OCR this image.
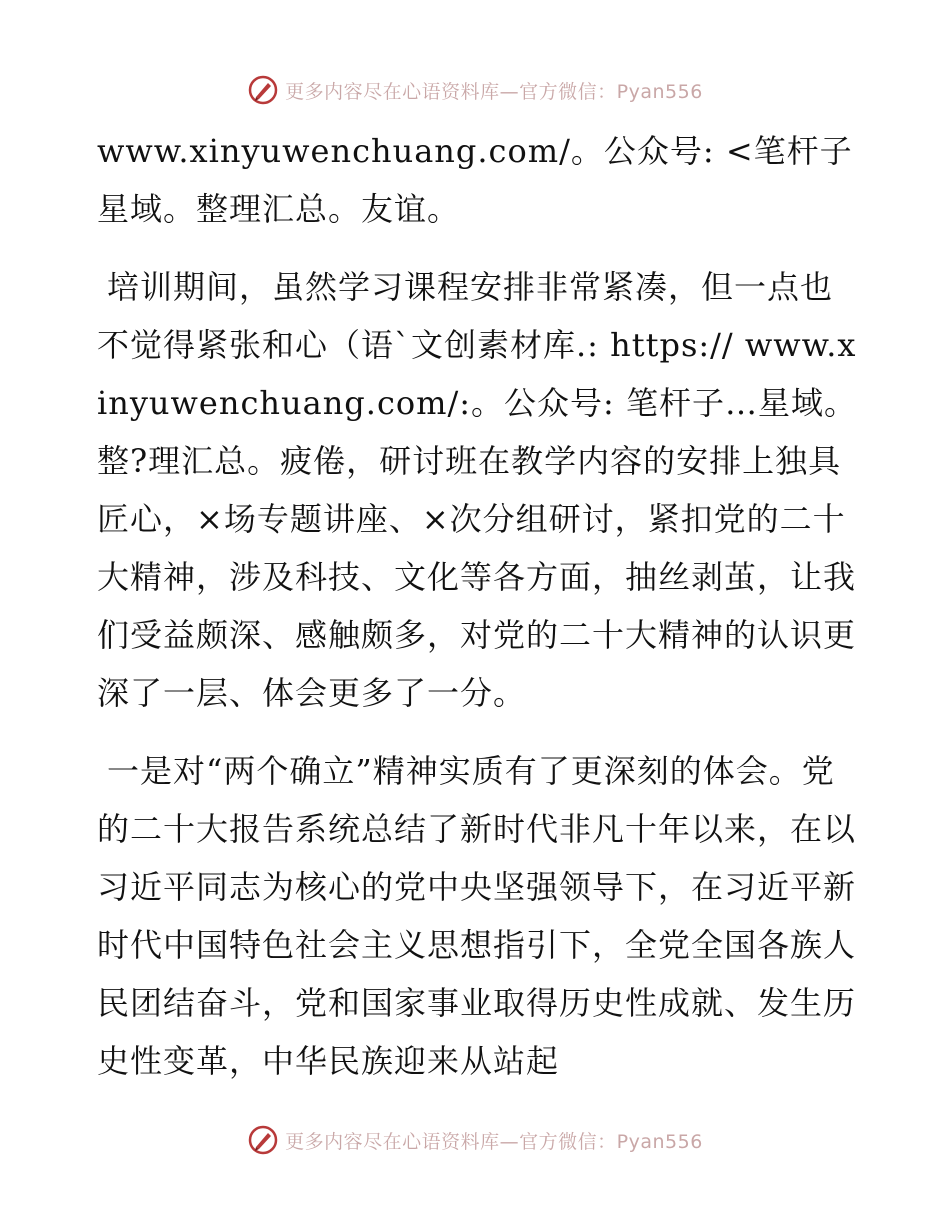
更多内容尽在心语资料库—官方微信：Pyan556

www.xinyuwenchuang.com/。公众号: <笔杆子星域。整理汇总。友谊。

培训期间，虽然学习课程安排非常紧凑，但一点也不觉得紧张和心（语`文创素材库.: https:// www.xinyuwenchuang.com/:。公众号: 笔杆子…星域。整?理汇总。疲倦，研讨班在教学内容的安排上独具匠心，×场专题讲座、×次分组研讨，紧扣党的二十大精神，涉及科技、文化等各方面，抽丝剥茧，让我们受益颇深、感触颇多，对党的二十大精神的认识更深了一层、体会更多了一分。

一是对“两个确立”精神实质有了更深刻的体会。党的二十大报告系统总结了新时代非凡十年以来，在以习近平同志为核心的党中央坚强领导下，在习近平新时代中国特色社会主义思想指引下，全党全国各族人民团结奋斗，党和国家事业取得历史性成就、发生历史性变革，中华民族迎来从站起

更多内容尽在心语资料库—官方微信：Pyan556
